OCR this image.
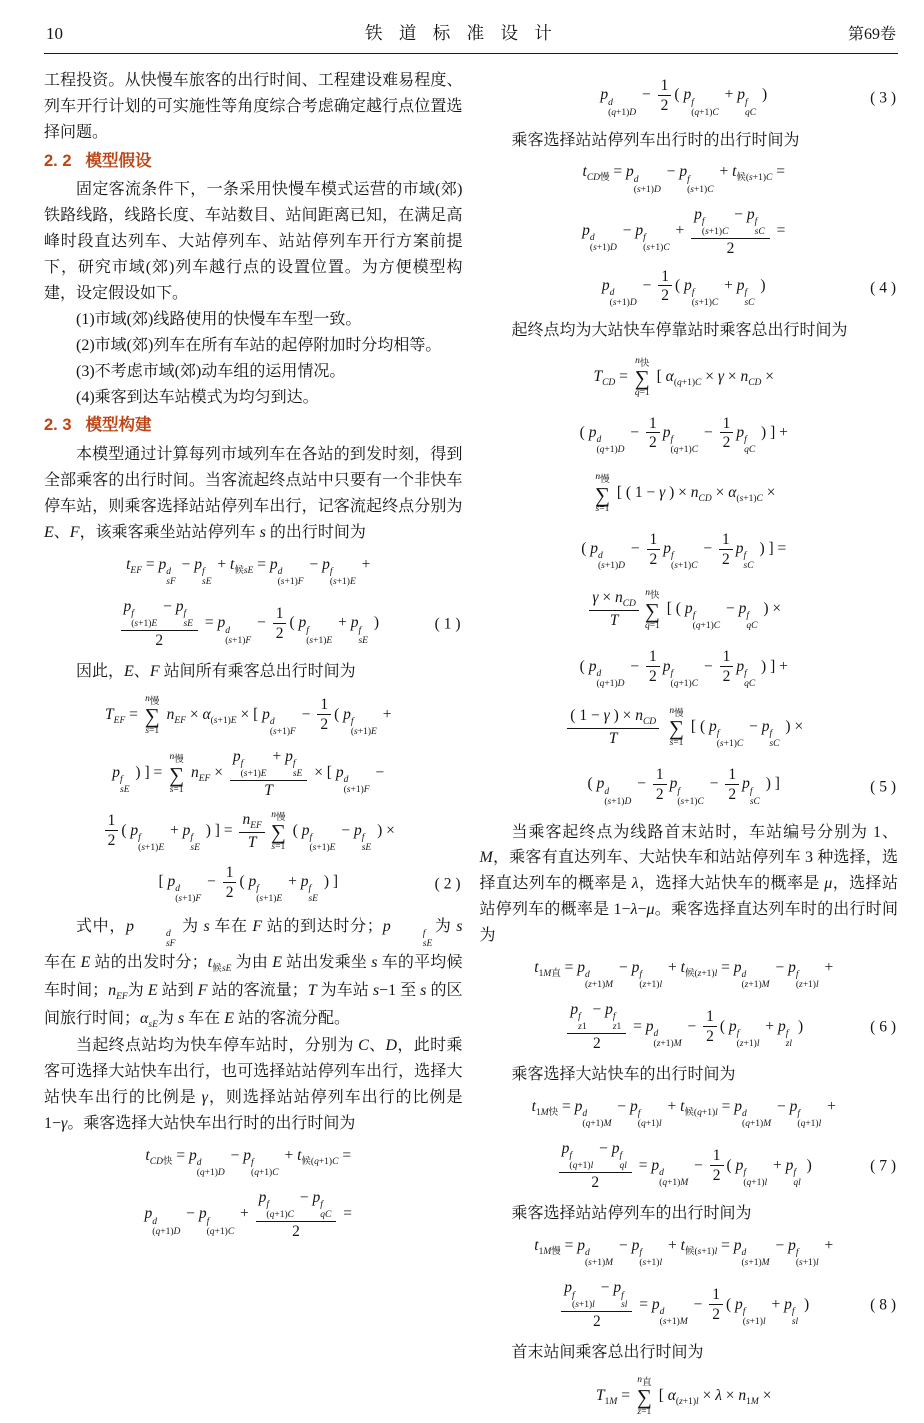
10	铁 道 标 准 设 计	第69卷

工程投资。从快慢车旅客的出行时间、工程建设难易程度、列车开行计划的可实施性等角度综合考虑确定越行点位置选择问题。

2. 2 模型假设

固定客流条件下，一条采用快慢车模式运营的市域(郊)铁路线路，线路长度、车站数目、站间距离已知，在满足高峰时段直达列车、大站停列车、站站停列车开行方案前提下，研究市域(郊)列车越行点的设置位置。为方便模型构建，设定假设如下。

(1)市域(郊)线路使用的快慢车车型一致。

(2)市域(郊)列车在所有车站的起停附加时分均相等。

(3)不考虑市域(郊)动车组的运用情况。

(4)乘客到达车站模式为均匀到达。

2. 3 模型构建

本模型通过计算每列市域列车在各站的到发时刻，得到全部乘客的出行时间。当客流起终点站中只要有一个非快车停车站，则乘客选择站站停列车出行，记客流起终点分别为 E、F，该乘客乘坐站站停列车 s 的出行时间为

$t_{EF} = p$ d
sF
− p f
sE
+ $t_{候sE} = p$ d
(s+1)F
− p f
(s+1)E
+
p f
(s+1)E
− p f
sE
2 = p d
(s+1)F
− $\frac{1}{2}$ ( p f
(s+1)E
+ p f
sE
)	( 1 )

因此，E、F 站间所有乘客总出行时间为

$T_{EF}$ =
$n_慢$
∑
s=1
$n_{EF} \times \alpha_{(s+1)E}$ × [ p d
(s+1)F
− $\frac{1}{2}$ ( p f
(s+1)E
+
p f
sE
) ] =
$n_慢$
∑
s=1
$n_{EF} \times p$ f
(s+1)E
+ p f
sE
T × [ p d
(s+1)F
−
$\frac{1}{2}$ ( p f
(s+1)E
+ p f
sE
) ] = $\frac{n_{EF}}{T} n_慢$
∑
s=1
( p f
(s+1)E
− p f
sE
) ×
[ p d
(s+1)F
− $\frac{1}{2}$ ( p f
(s+1)E
+ p f
sE
) ]	( 2 )

式中，p	d
sF
为 s 车在 F 站的到达时分；p	f
sE
为 s 车在 E 站的出发时分；$t_{候sE}$ 为由 E 站出发乘坐 s 车的平均候车时间；$n_{EF}$为 E 站到 F 站的客流量；T 为车站 s−1 至 s 的区间旅行时间；$\alpha_{sE}$为 s 车在 E 站的客流分配。

当起终点站均为快车停车站时，分别为 C、D，此时乘客可选择大站快车出行，也可选择站站停列车出行，选择大站快车出行的比例是 γ，则选择站站停列车出行的比例是 1−γ。乘客选择大站快车出行时的出行时间为

$t_{CD快} = p$ d
(q+1)D
− p f
(q+1)C
+ $t_{候(q+1)C}$ =
p d
(q+1)D
− p f
(q+1)C
+ p f
(q+1)C
− p f
qC
2 =
p d
(q+1)D
− $\frac{1}{2}$ ( p f
(q+1)C
+ p f
qC
)	( 3 )

乘客选择站站停列车出行时的出行时间为

$t_{CD慢} = p$ d
(s+1)D
− p f
(s+1)C
+ $t_{候(s+1)C}$ =
p d
(s+1)D
− p f
(s+1)C
+ p f
(s+1)C
− p f
sC
2 =
p d
(s+1)D
− $\frac{1}{2}$ ( p f
(s+1)C
+ p f
sC
)	( 4 )

起终点均为大站快车停靠站时乘客总出行时间为

$T_{CD}$ =
$n_快$
∑
q=1
[ $\alpha_{(q+1)C} \times \gamma \times n_{CD}$ ×
( p d
(q+1)D
− $\frac{1}{2}$ p f
(q+1)C
− $\frac{1}{2}$ p f
qC
) ] +
$n_慢$
∑
s=1
[ ( 1 − γ ) × $n_{CD} \times \alpha_{(s+1)C}$ ×
( p d
(s+1)D
− $\frac{1}{2}$ p f
(s+1)C
− $\frac{1}{2}$ p f
sC
) ] =
$\frac{\gamma \times n_{CD}}{T} n_快$
∑
q=1
[ ( p f
(q+1)C
− p f
qC
) ×
( p d
(q+1)D
− $\frac{1}{2}$ p f
(q+1)C
− $\frac{1}{2}$ p f
qC
) ] +
$\frac{( 1 - \gamma ) \times n_{CD}}{T}$
$n_慢$
∑
s=1
[ ( p f
(s+1)C
− p f
sC
) ×
( p d
(s+1)D
− $\frac{1}{2}$ p f
(s+1)C
− $\frac{1}{2}$ p f
sC
) ]	( 5 )

当乘客起终点为线路首末站时，车站编号分别为 1、M，乘客有直达列车、大站快车和站站停列车 3 种选择，选择直达列车的概率是 λ，选择大站快车的概率是 μ，选择站站停列车的概率是 1−λ−μ。乘客选择直达列车时的出行时间为

$t_{1M直} = p$ d
(z+1)M
− p f
(z+1)l
+ $t_{候(z+1)l} = p$ d
(z+1)M
− p f
(z+1)l
+
p f
z1
− p f
z1
2 = p d
(z+1)M
− $\frac{1}{2}$ ( p f
(z+1)l
+ p f
zl
)	( 6 )

乘客选择大站快车的出行时间为

$t_{1M快} = p$ d
(q+1)M
− p f
(q+1)l
+ $t_{候(q+1)l} = p$ d
(q+1)M
− p f
(q+1)l
+
p f
(q+1)l
− p f
ql
2 = p d
(q+1)M
− $\frac{1}{2}$ ( p f
(q+1)l
+ p f
ql
)	( 7 )

乘客选择站站停列车的出行时间为

$t_{1M慢} = p$ d
(s+1)M
− p f
(s+1)l
+ $t_{候(s+1)l} = p$ d
(s+1)M
− p f
(s+1)l
+
p f
(s+1)l
− p f
sl
2 = p d
(s+1)M
− $\frac{1}{2}$ ( p f
(s+1)l
+ p f
sl
)	( 8 )

首末站间乘客总出行时间为

$T_{1M}$ =
$n_直$
∑
z=1
[ $\alpha_{(z+1)l} \times \lambda \times n_{1M}$ ×
